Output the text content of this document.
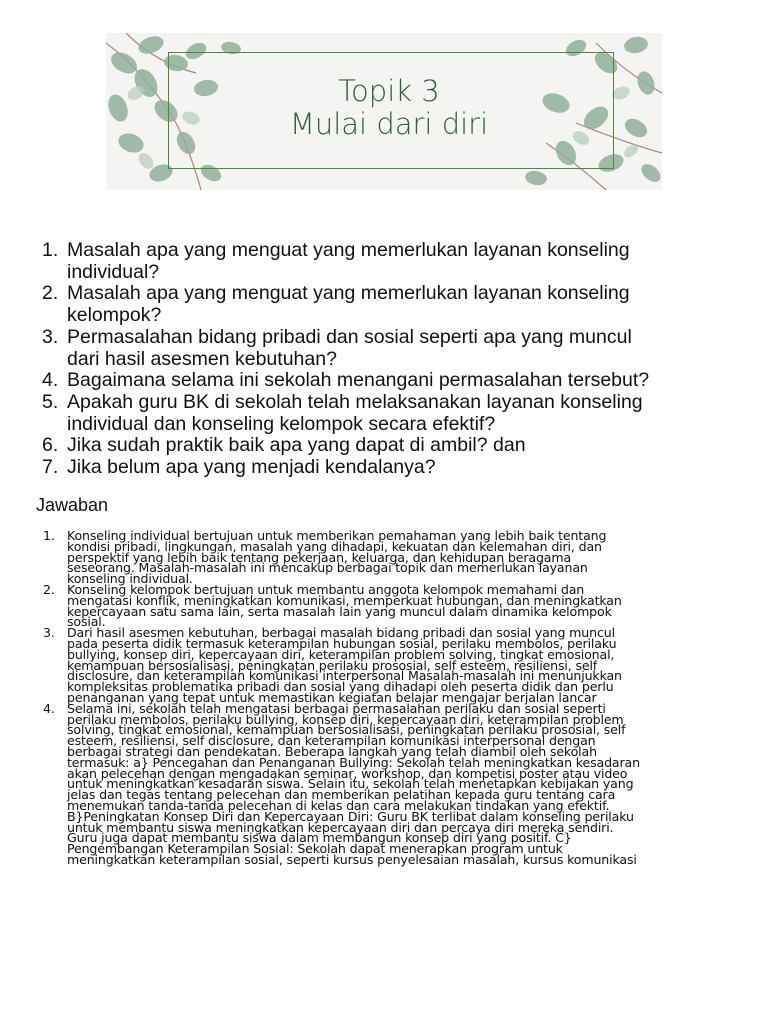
Topik 3
Mulai dari diri
1. Masalah apa yang menguat yang memerlukan layanan konseling
individual?
2. Masalah apa yang menguat yang memerlukan layanan konseling
kelompok?
3. Permasalahan bidang pribadi dan sosial seperti apa yang muncul
dari hasil asesmen kebutuhan?
4. Bagaimana selama ini sekolah menangani permasalahan tersebut?
5. Apakah guru BK di sekolah telah melaksanakan layanan konseling
individual dan konseling kelompok secara efektif?
6. Jika sudah praktik baik apa yang dapat di ambil? dan
7. Jika belum apa yang menjadi kendalanya?
Jawaban
1. Konseling individual bertujuan untuk memberikan pemahaman yang lebih baik tentang
kondisi pribadi, lingkungan, masalah yang dihadapi, kekuatan dan kelemahan diri, dan
perspektif yang lebih baik tentang pekerjaan, keluarga, dan kehidupan beragama
seseorang. Masalah-masalah ini mencakup berbagai topik dan memerlukan layanan
konseling individual.
2. Konseling kelompok bertujuan untuk membantu anggota kelompok memahami dan
mengatasi konflik, meningkatkan komunikasi, memperkuat hubungan, dan meningkatkan
kepercayaan satu sama lain, serta masalah lain yang muncul dalam dinamika kelompok
sosial.
3. Dari hasil asesmen kebutuhan, berbagai masalah bidang pribadi dan sosial yang muncul
pada peserta didik termasuk keterampilan hubungan sosial, perilaku membolos, perilaku
bullying, konsep diri, kepercayaan diri, keterampilan problem solving, tingkat emosional,
kemampuan bersosialisasi, peningkatan perilaku prososial, self esteem, resiliensi, self
disclosure, dan keterampilan komunikasi interpersonal Masalah-masalah ini menunjukkan
kompleksitas problematika pribadi dan sosial yang dihadapi oleh peserta didik dan perlu
penanganan yang tepat untuk memastikan kegiatan belajar mengajar berjalan lancar
4. Selama ini, sekolah telah mengatasi berbagai permasalahan perilaku dan sosial seperti
perilaku membolos, perilaku bullying, konsep diri, kepercayaan diri, keterampilan problem
solving, tingkat emosional, kemampuan bersosialisasi, peningkatan perilaku prososial, self
esteem, resiliensi, self disclosure, dan keterampilan komunikasi interpersonal dengan
berbagai strategi dan pendekatan. Beberapa langkah yang telah diambil oleh sekolah
termasuk: a} Pencegahan dan Penanganan Bullying: Sekolah telah meningkatkan kesadaran
akan pelecehan dengan mengadakan seminar, workshop, dan kompetisi poster atau video
untuk meningkatkan kesadaran siswa. Selain itu, sekolah telah menetapkan kebijakan yang
jelas dan tegas tentang pelecehan dan memberikan pelatihan kepada guru tentang cara
menemukan tanda-tanda pelecehan di kelas dan cara melakukan tindakan yang efektif.
B}Peningkatan Konsep Diri dan Kepercayaan Diri: Guru BK terlibat dalam konseling perilaku
untuk membantu siswa meningkatkan kepercayaan diri dan percaya diri mereka sendiri.
Guru juga dapat membantu siswa dalam membangun konsep diri yang positif. C}
Pengembangan Keterampilan Sosial: Sekolah dapat menerapkan program untuk
meningkatkan keterampilan sosial, seperti kursus penyelesaian masalah, kursus komunikasi
